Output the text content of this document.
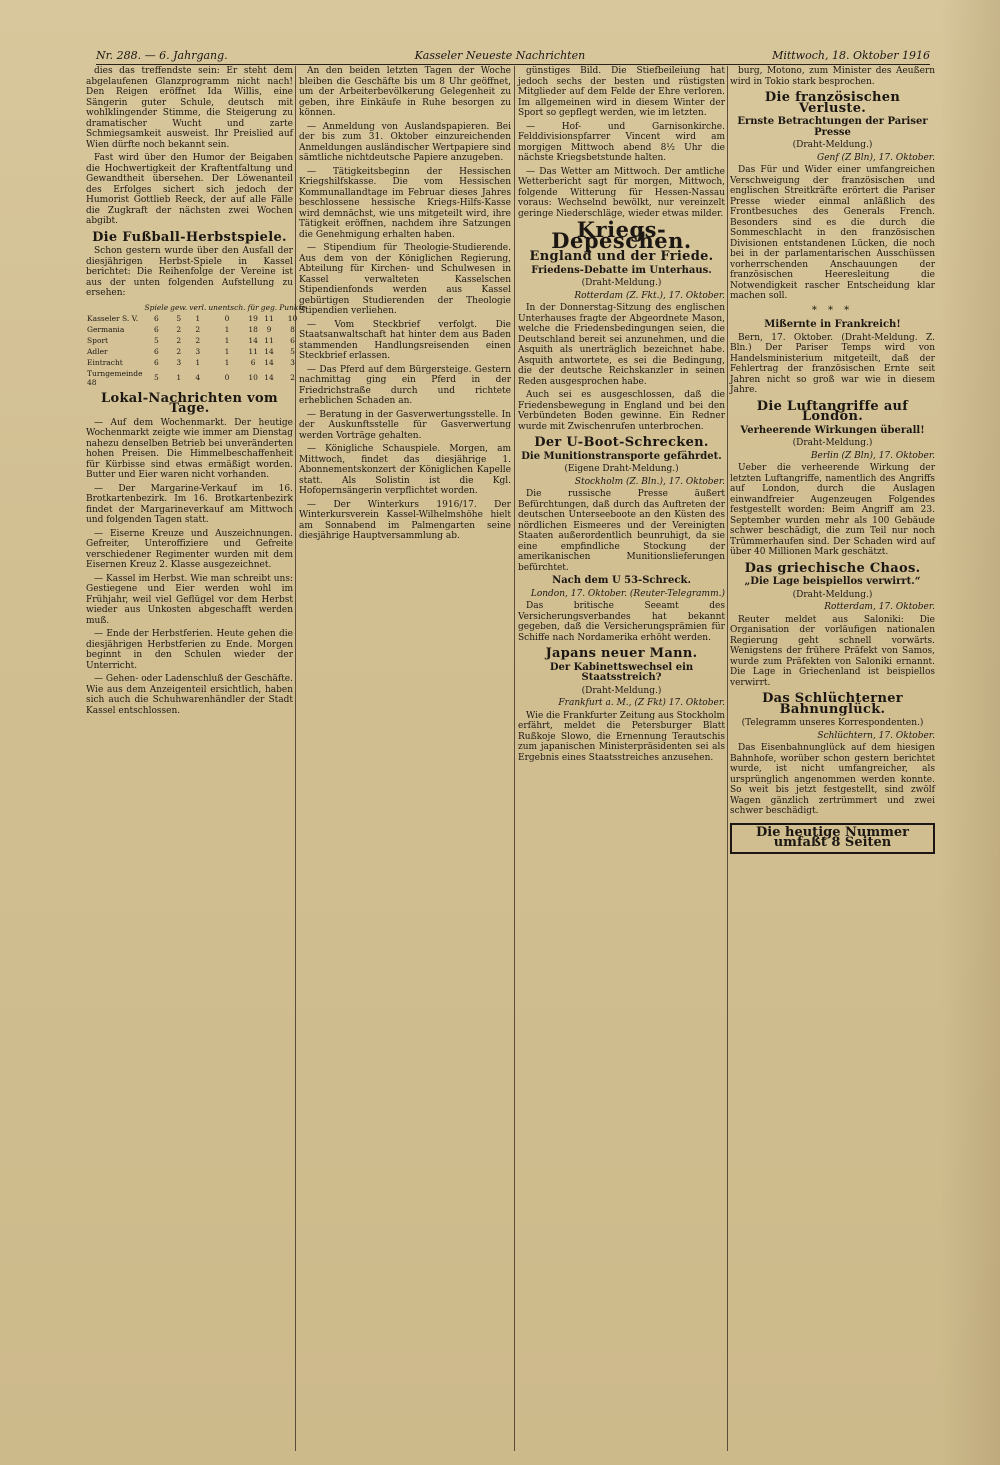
Nr. 288. — 6. Jahrgang.	Kasseler Neueste Nachrichten	Mittwoch, 18. Oktober 1916

dies das treffendste sein: Er steht dem abgelaufenen Glanzprogramm nicht nach! Den Reigen eröffnet Ida Willis, eine Sängerin guter Schule, deutsch mit wohlklingender Stimme, die Steigerung zu dramatischer Wucht und zarte Schmiegsamkeit ausweist. Ihr Preislied auf Wien dürfte noch bekannt sein.

Fast wird über den Humor der Beigaben die Hochwertigkeit der Kraftentfaltung und Gewandtheit übersehen. Der Löwenanteil des Erfolges sichert sich jedoch der Humorist Gottlieb Reeck, der auf alle Fälle die Zugkraft der nächsten zwei Wochen abgibt.

Die Fußball-Herbstspiele.

Schon gestern wurde über den Ausfall der diesjährigen Herbst-Spiele in Kassel berichtet: Die Reihenfolge der Vereine ist aus der unten folgenden Aufstellung zu ersehen:

	Spiele	gew.	verl.	unentsch.	für	geg.	Punkte
Kasseler S. V.	6	5	1	0	19	11	10
Germania	6	2	2	1	18	9	8
Sport	5	2	2	1	14	11	6
Adler	6	2	3	1	11	14	5
Eintracht	6	3	1	1	6	14	3
Turngemeinde 48	5	1	4	0	10	14	2
Lokal-Nachrichten vom Tage.

— Auf dem Wochenmarkt. Der heutige Wochenmarkt zeigte wie immer am Dienstag nahezu denselben Betrieb bei unveränderten hohen Preisen. Die Himmelbeschaffenheit für Kürbisse sind etwas ermäßigt worden. Butter und Eier waren nicht vorhanden.

— Der Margarine-Verkauf im 16. Brotkartenbezirk. Im 16. Brotkartenbezirk findet der Margarineverkauf am Mittwoch und folgenden Tagen statt.

— Eiserne Kreuze und Auszeichnungen. Gefreiter, Unteroffiziere und Gefreite verschiedener Regimenter wurden mit dem Eisernen Kreuz 2. Klasse ausgezeichnet.

— Kassel im Herbst. Wie man schreibt uns: Gestiegene und Eier werden wohl im Frühjahr, weil viel Geflügel vor dem Herbst wieder aus Unkosten abgeschafft werden muß.

— Ende der Herbstferien. Heute gehen die diesjährigen Herbstferien zu Ende. Morgen beginnt in den Schulen wieder der Unterricht.

— Gehen- oder Ladenschluß der Geschäfte. Wie aus dem Anzeigenteil ersichtlich, haben sich auch die Schuhwarenhändler der Stadt Kassel entschlossen.

An den beiden letzten Tagen der Woche bleiben die Geschäfte bis um 8 Uhr geöffnet, um der Arbeiterbevölkerung Gelegenheit zu geben, ihre Einkäufe in Ruhe besorgen zu können.

— Anmeldung von Auslandspapieren. Bei der bis zum 31. Oktober einzureichenden Anmeldungen ausländischer Wertpapiere sind sämtliche nichtdeutsche Papiere anzugeben.

— Tätigkeitsbeginn der Hessischen Kriegshilfskasse. Die vom Hessischen Kommunallandtage im Februar dieses Jahres beschlossene hessische Kriegs-Hilfs-Kasse wird demnächst, wie uns mitgeteilt wird, ihre Tätigkeit eröffnen, nachdem ihre Satzungen die Genehmigung erhalten haben.

— Stipendium für Theologie-Studierende. Aus dem von der Königlichen Regierung, Abteilung für Kirchen- und Schulwesen in Kassel verwalteten Kasselschen Stipendienfonds werden aus Kassel gebürtigen Studierenden der Theologie Stipendien verliehen.

— Vom Steckbrief verfolgt. Die Staatsanwaltschaft hat hinter dem aus Baden stammenden Handlungsreisenden einen Steckbrief erlassen.

— Das Pferd auf dem Bürgersteige. Gestern nachmittag ging ein Pferd in der Friedrichstraße durch und richtete erheblichen Schaden an.

— Beratung in der Gasverwertungsstelle. In der Auskunftsstelle für Gasverwertung werden Vorträge gehalten.

— Königliche Schauspiele. Morgen, am Mittwoch, findet das diesjährige 1. Abonnementskonzert der Königlichen Kapelle statt. Als Solistin ist die Kgl. Hofopernsängerin verpflichtet worden.

— Der Winterkurs 1916/17. Der Winterkursverein Kassel-Wilhelmshöhe hielt am Sonnabend im Palmengarten seine diesjährige Hauptversammlung ab.

günstiges Bild. Die Stiefbeileiung hat jedoch sechs der besten und rüstigsten Mitglieder auf dem Felde der Ehre verloren. Im allgemeinen wird in diesem Winter der Sport so gepflegt werden, wie im letzten.

— Hof- und Garnisonkirche. Felddivisionspfarrer Vincent wird am morgigen Mittwoch abend 8½ Uhr die nächste Kriegsbetstunde halten.

— Das Wetter am Mittwoch. Der amtliche Wetterbericht sagt für morgen, Mittwoch, folgende Witterung für Hessen-Nassau voraus: Wechselnd bewölkt, nur vereinzelt geringe Niederschläge, wieder etwas milder.

Kriegs-Depeschen.
England und der Friede.
Friedens-Debatte im Unterhaus.
(Draht-Meldung.)
Rotterdam (Z. Fkt.), 17. Oktober.

In der Donnerstag-Sitzung des englischen Unterhauses fragte der Abgeordnete Mason, welche die Friedensbedingungen seien, die Deutschland bereit sei anzunehmen, und die Asquith als unerträglich bezeichnet habe. Asquith antwortete, es sei die Bedingung, die der deutsche Reichskanzler in seinen Reden ausgesprochen habe.

Auch sei es ausgeschlossen, daß die Friedensbewegung in England und bei den Verbündeten Boden gewinne. Ein Redner wurde mit Zwischenrufen unterbrochen.

Der U-Boot-Schrecken.
Die Munitionstransporte gefährdet.
(Eigene Draht-Meldung.)
Stockholm (Z. Bln.), 17. Oktober.

Die russische Presse äußert Befürchtungen, daß durch das Auftreten der deutschen Unterseeboote an den Küsten des nördlichen Eismeeres und der Vereinigten Staaten außerordentlich beunruhigt, da sie eine empfindliche Stockung der amerikanischen Munitionslieferungen befürchtet.

Nach dem U 53-Schreck.
London, 17. Oktober. (Reuter-Telegramm.)

Das britische Seeamt des Versicherungsverbandes hat bekannt gegeben, daß die Versicherungsprämien für Schiffe nach Nordamerika erhöht werden.

Japans neuer Mann.
Der Kabinettswechsel ein Staatsstreich?
(Draht-Meldung.)
Frankfurt a. M., (Z Fkt) 17. Oktober.

Wie die Frankfurter Zeitung aus Stockholm erfährt, meldet die Petersburger Blatt Rußkoje Slowo, die Ernennung Terautschis zum japanischen Ministerpräsidenten sei als Ergebnis eines Staatsstreiches anzusehen.

burg, Motono, zum Minister des Aeußern wird in Tokio stark besprochen.

Die französischen Verluste.
Ernste Betrachtungen der Pariser Presse
(Draht-Meldung.)
Genf (Z Bln), 17. Oktober.

Das Für und Wider einer umfangreichen Verschweigung der französischen und englischen Streitkräfte erörtert die Pariser Presse wieder einmal anläßlich des Frontbesuches des Generals French. Besonders sind es die durch die Sommeschlacht in den französischen Divisionen entstandenen Lücken, die noch bei in der parlamentarischen Ausschüssen vorherrschenden Anschauungen der französischen Heeresleitung die Notwendigkeit rascher Entscheidung klar machen soll.

* * *
Mißernte in Frankreich!

Bern, 17. Oktober. (Draht-Meldung. Z. Bln.) Der Pariser Temps wird von Handelsministerium mitgeteilt, daß der Fehlertrag der französischen Ernte seit Jahren nicht so groß war wie in diesem Jahre.

Die Luftangriffe auf London.
Verheerende Wirkungen überall!
(Draht-Meldung.)
Berlin (Z Bln), 17. Oktober.

Ueber die verheerende Wirkung der letzten Luftangriffe, namentlich des Angriffs auf London, durch die Auslagen einwandfreier Augenzeugen Folgendes festgestellt worden: Beim Angriff am 23. September wurden mehr als 100 Gebäude schwer beschädigt, die zum Teil nur noch Trümmerhaufen sind. Der Schaden wird auf über 40 Millionen Mark geschätzt.

Das griechische Chaos.
„Die Lage beispiellos verwirrt.“
(Draht-Meldung.)
Rotterdam, 17. Oktober.

Reuter meldet aus Saloniki: Die Organisation der vorläufigen nationalen Regierung geht schnell vorwärts. Wenigstens der frühere Präfekt von Samos, wurde zum Präfekten von Saloniki ernannt. Die Lage in Griechenland ist beispiellos verwirrt.

Das Schlüchterner Bahnunglück.
(Telegramm unseres Korrespondenten.)
Schlüchtern, 17. Oktober.

Das Eisenbahnunglück auf dem hiesigen Bahnhofe, worüber schon gestern berichtet wurde, ist nicht umfangreicher, als ursprünglich angenommen werden konnte. So weit bis jetzt festgestellt, sind zwölf Wagen gänzlich zertrümmert und zwei schwer beschädigt.

Die heutige Nummer umfaßt 8 Seiten
